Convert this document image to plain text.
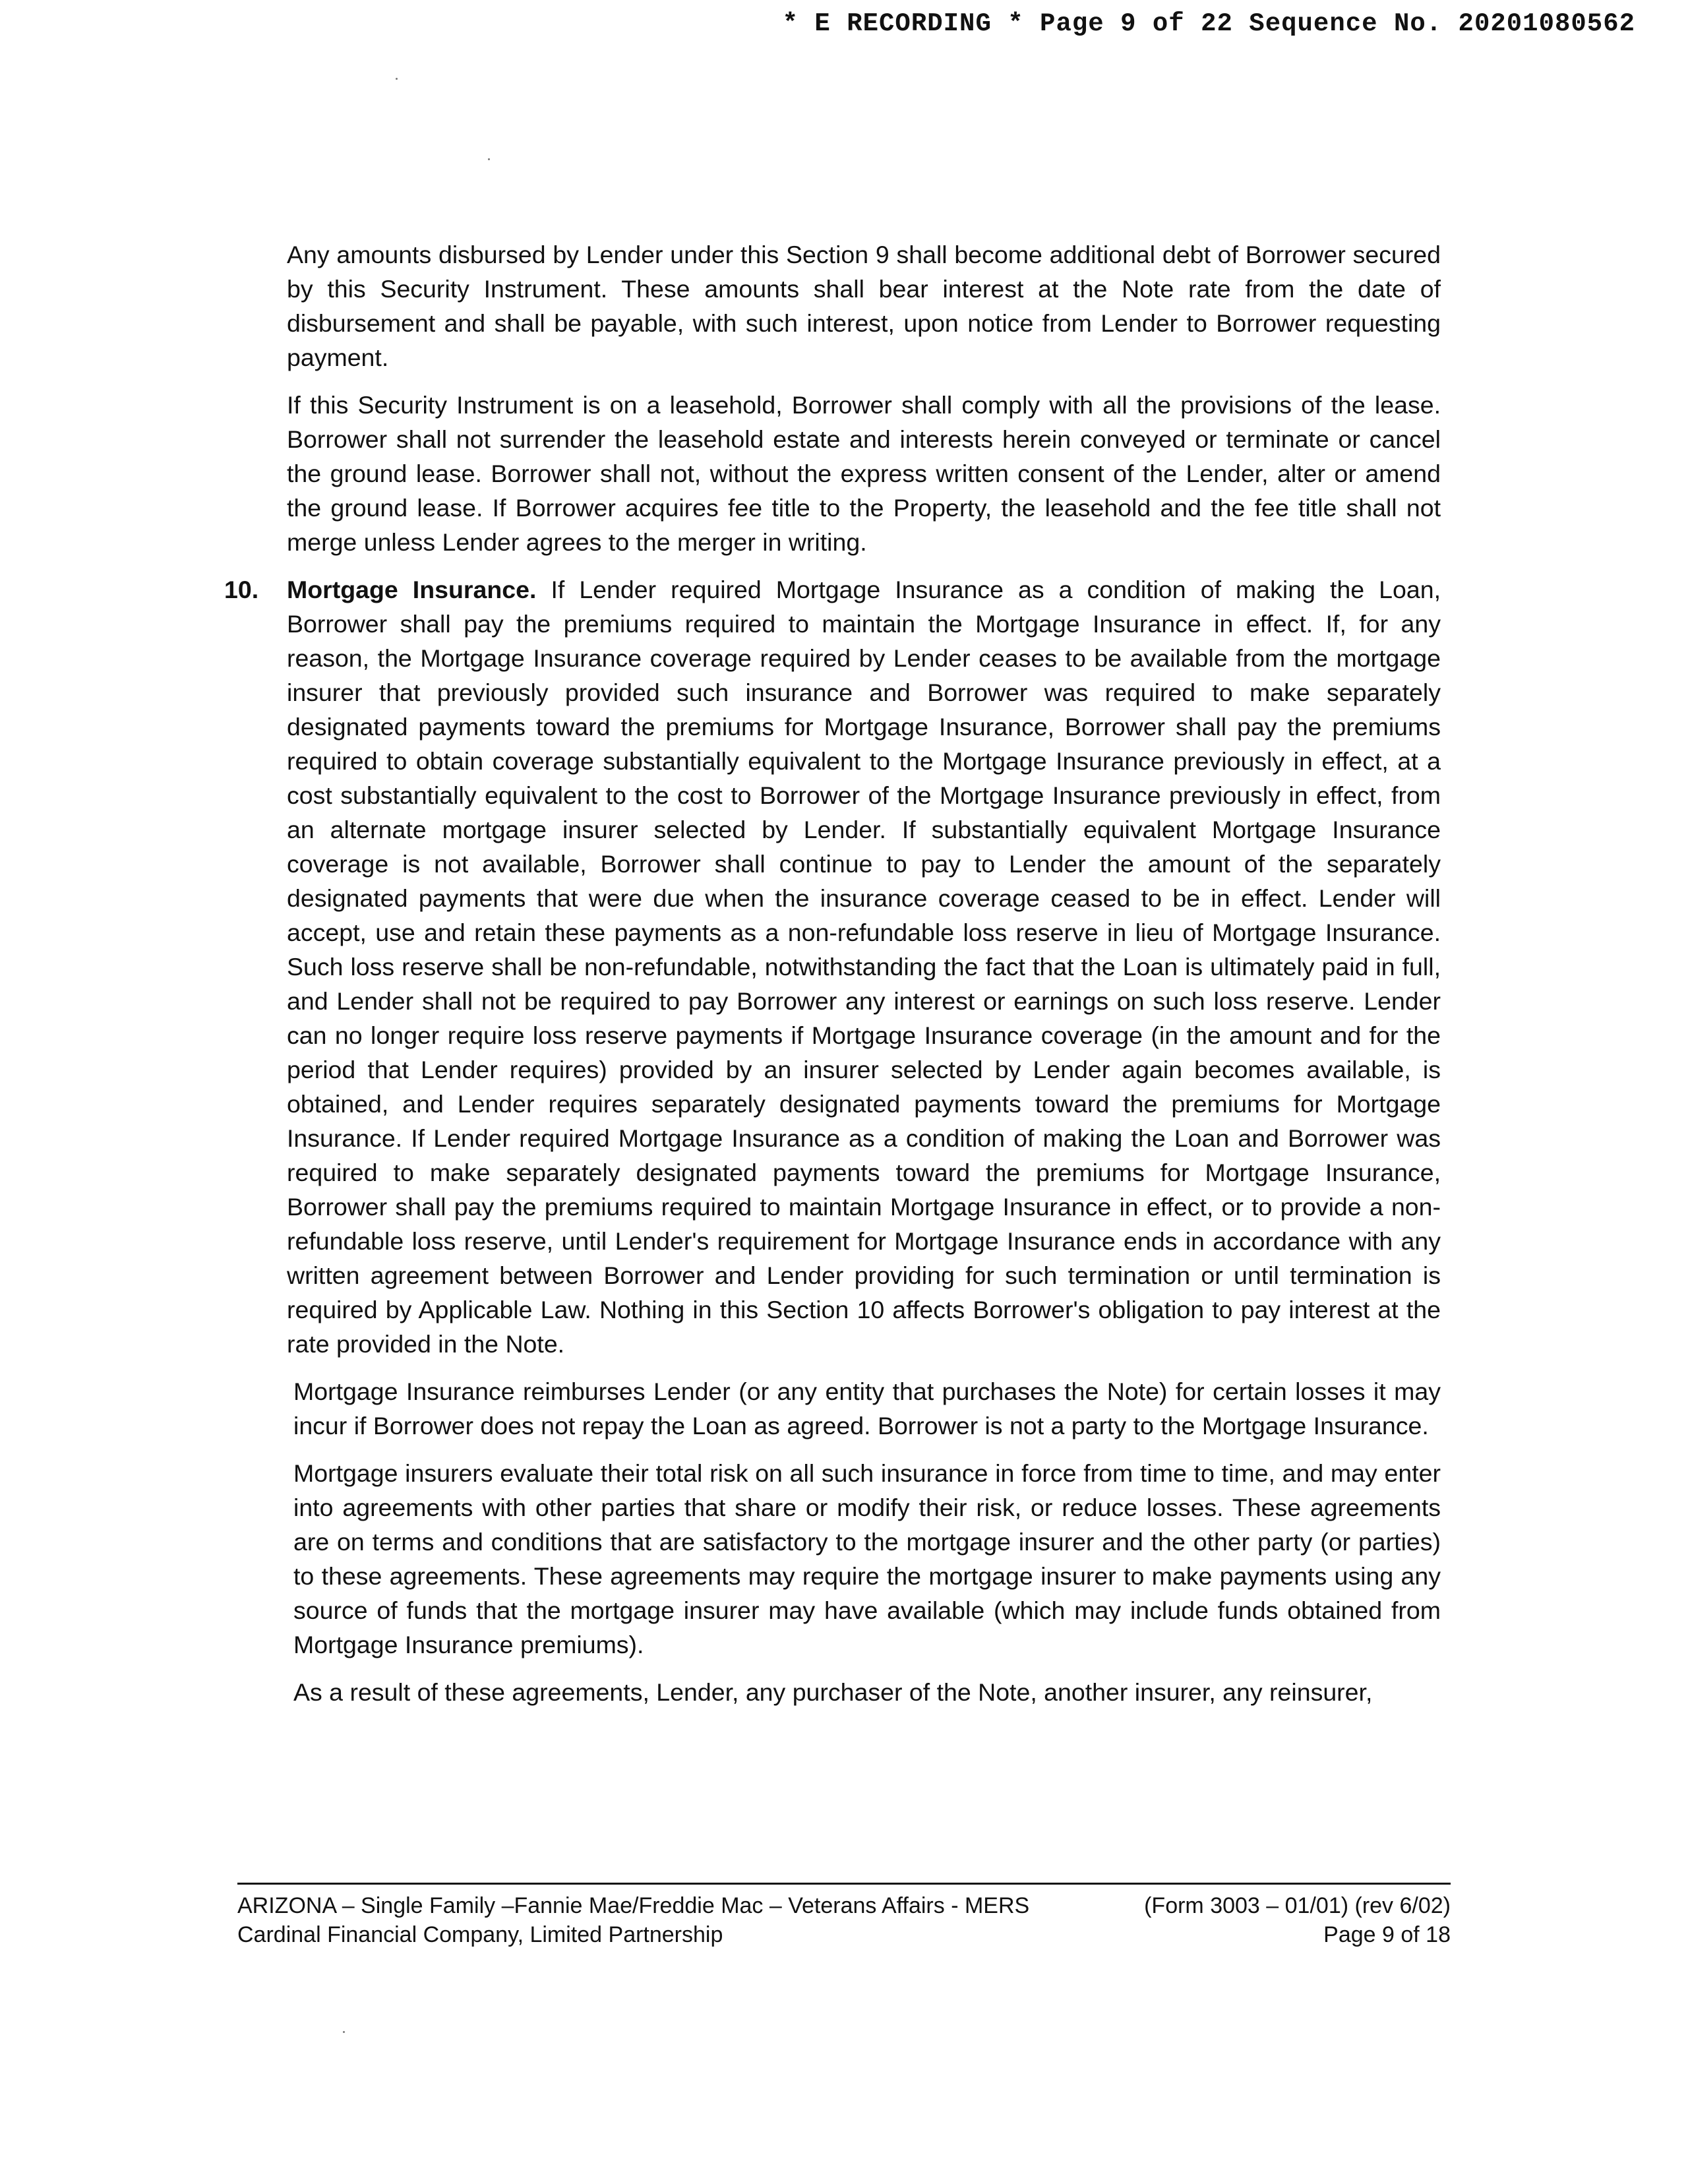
* E RECORDING * Page 9 of 22 Sequence No. 20201080562

Any amounts disbursed by Lender under this Section 9 shall become additional debt of Borrower secured by this Security Instrument. These amounts shall bear interest at the Note rate from the date of disbursement and shall be payable, with such interest, upon notice from Lender to Borrower requesting payment.

If this Security Instrument is on a leasehold, Borrower shall comply with all the provisions of the lease. Borrower shall not surrender the leasehold estate and interests herein conveyed or terminate or cancel the ground lease. Borrower shall not, without the express written consent of the Lender, alter or amend the ground lease. If Borrower acquires fee title to the Property, the leasehold and the fee title shall not merge unless Lender agrees to the merger in writing.

10. Mortgage Insurance. If Lender required Mortgage Insurance as a condition of making the Loan, Borrower shall pay the premiums required to maintain the Mortgage Insurance in effect. If, for any reason, the Mortgage Insurance coverage required by Lender ceases to be available from the mortgage insurer that previously provided such insurance and Borrower was required to make separately designated payments toward the premiums for Mortgage Insurance, Borrower shall pay the premiums required to obtain coverage substantially equivalent to the Mortgage Insurance previously in effect, at a cost substantially equivalent to the cost to Borrower of the Mortgage Insurance previously in effect, from an alternate mortgage insurer selected by Lender. If substantially equivalent Mortgage Insurance coverage is not available, Borrower shall continue to pay to Lender the amount of the separately designated payments that were due when the insurance coverage ceased to be in effect. Lender will accept, use and retain these payments as a non-refundable loss reserve in lieu of Mortgage Insurance. Such loss reserve shall be non-refundable, notwithstanding the fact that the Loan is ultimately paid in full, and Lender shall not be required to pay Borrower any interest or earnings on such loss reserve. Lender can no longer require loss reserve payments if Mortgage Insurance coverage (in the amount and for the period that Lender requires) provided by an insurer selected by Lender again becomes available, is obtained, and Lender requires separately designated payments toward the premiums for Mortgage Insurance. If Lender required Mortgage Insurance as a condition of making the Loan and Borrower was required to make separately designated payments toward the premiums for Mortgage Insurance, Borrower shall pay the premiums required to maintain Mortgage Insurance in effect, or to provide a non-refundable loss reserve, until Lender's requirement for Mortgage Insurance ends in accordance with any written agreement between Borrower and Lender providing for such termination or until termination is required by Applicable Law. Nothing in this Section 10 affects Borrower's obligation to pay interest at the rate provided in the Note.

Mortgage Insurance reimburses Lender (or any entity that purchases the Note) for certain losses it may incur if Borrower does not repay the Loan as agreed. Borrower is not a party to the Mortgage Insurance.

Mortgage insurers evaluate their total risk on all such insurance in force from time to time, and may enter into agreements with other parties that share or modify their risk, or reduce losses. These agreements are on terms and conditions that are satisfactory to the mortgage insurer and the other party (or parties) to these agreements. These agreements may require the mortgage insurer to make payments using any source of funds that the mortgage insurer may have available (which may include funds obtained from Mortgage Insurance premiums).

As a result of these agreements, Lender, any purchaser of the Note, another insurer, any reinsurer,

ARIZONA – Single Family –Fannie Mae/Freddie Mac – Veterans Affairs - MERS	(Form 3003 – 01/01) (rev 6/02)
Cardinal Financial Company, Limited Partnership	Page 9 of 18
